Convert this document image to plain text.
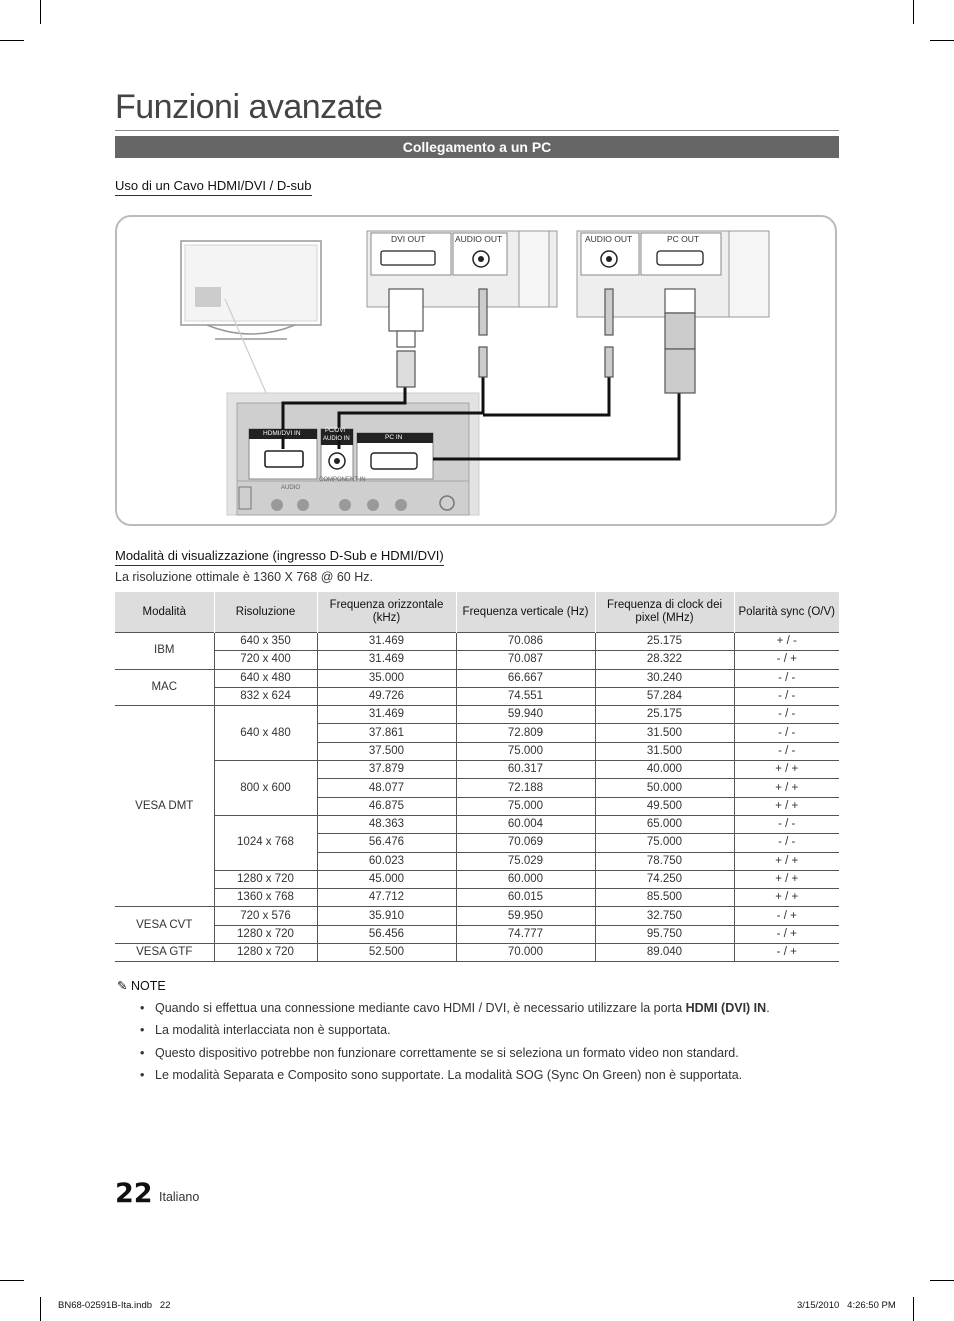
Funzioni avanzate
Collegamento a un PC
Uso di un Cavo HDMI/DVI / D-sub
DVI OUT	AUDIO OUT	AUDIO OUT	PC OUT
HDMI/DVI IN	PC/DVI
AUDIO IN	PC IN
COMPONENT IN
AUDIO
Modalità di visualizzazione (ingresso D-Sub e HDMI/DVI)
La risoluzione ottimale è 1360 X 768 @ 60 Hz.
Modalità	Risoluzione	Frequenza orizzontale (kHz)	Frequenza verticale (Hz)	Frequenza di clock dei pixel (MHz)	Polarità sync (O/V)
IBM	640 x 350	31.469	70.086	25.175	+ / -
	720 x 400	31.469	70.087	28.322	- / +
MAC	640 x 480	35.000	66.667	30.240	- / -
	832 x 624	49.726	74.551	57.284	- / -
VESA DMT	640 x 480	31.469	59.940	25.175	- / -
		37.861	72.809	31.500	- / -
		37.500	75.000	31.500	- / -
	800 x 600	37.879	60.317	40.000	+ / +
		48.077	72.188	50.000	+ / +
		46.875	75.000	49.500	+ / +
	1024 x 768	48.363	60.004	65.000	- / -
		56.476	70.069	75.000	- / -
		60.023	75.029	78.750	+ / +
	1280 x 720	45.000	60.000	74.250	+ / +
	1360 x 768	47.712	60.015	85.500	+ / +
VESA CVT	720 x 576	35.910	59.950	32.750	- / +
	1280 x 720	56.456	74.777	95.750	- / +
VESA GTF	1280 x 720	52.500	70.000	89.040	- / +
✎ NOTE
• Quando si effettua una connessione mediante cavo HDMI / DVI, è necessario utilizzare la porta HDMI (DVI) IN.
• La modalità interlacciata non è supportata.
• Questo dispositivo potrebbe non funzionare correttamente se si seleziona un formato video non standard.
• Le modalità Separata e Composito sono supportate. La modalità SOG (Sync On Green) non è supportata.
22 Italiano
BN68-02591B-Ita.indb   22	3/15/2010   4:26:50 PM
